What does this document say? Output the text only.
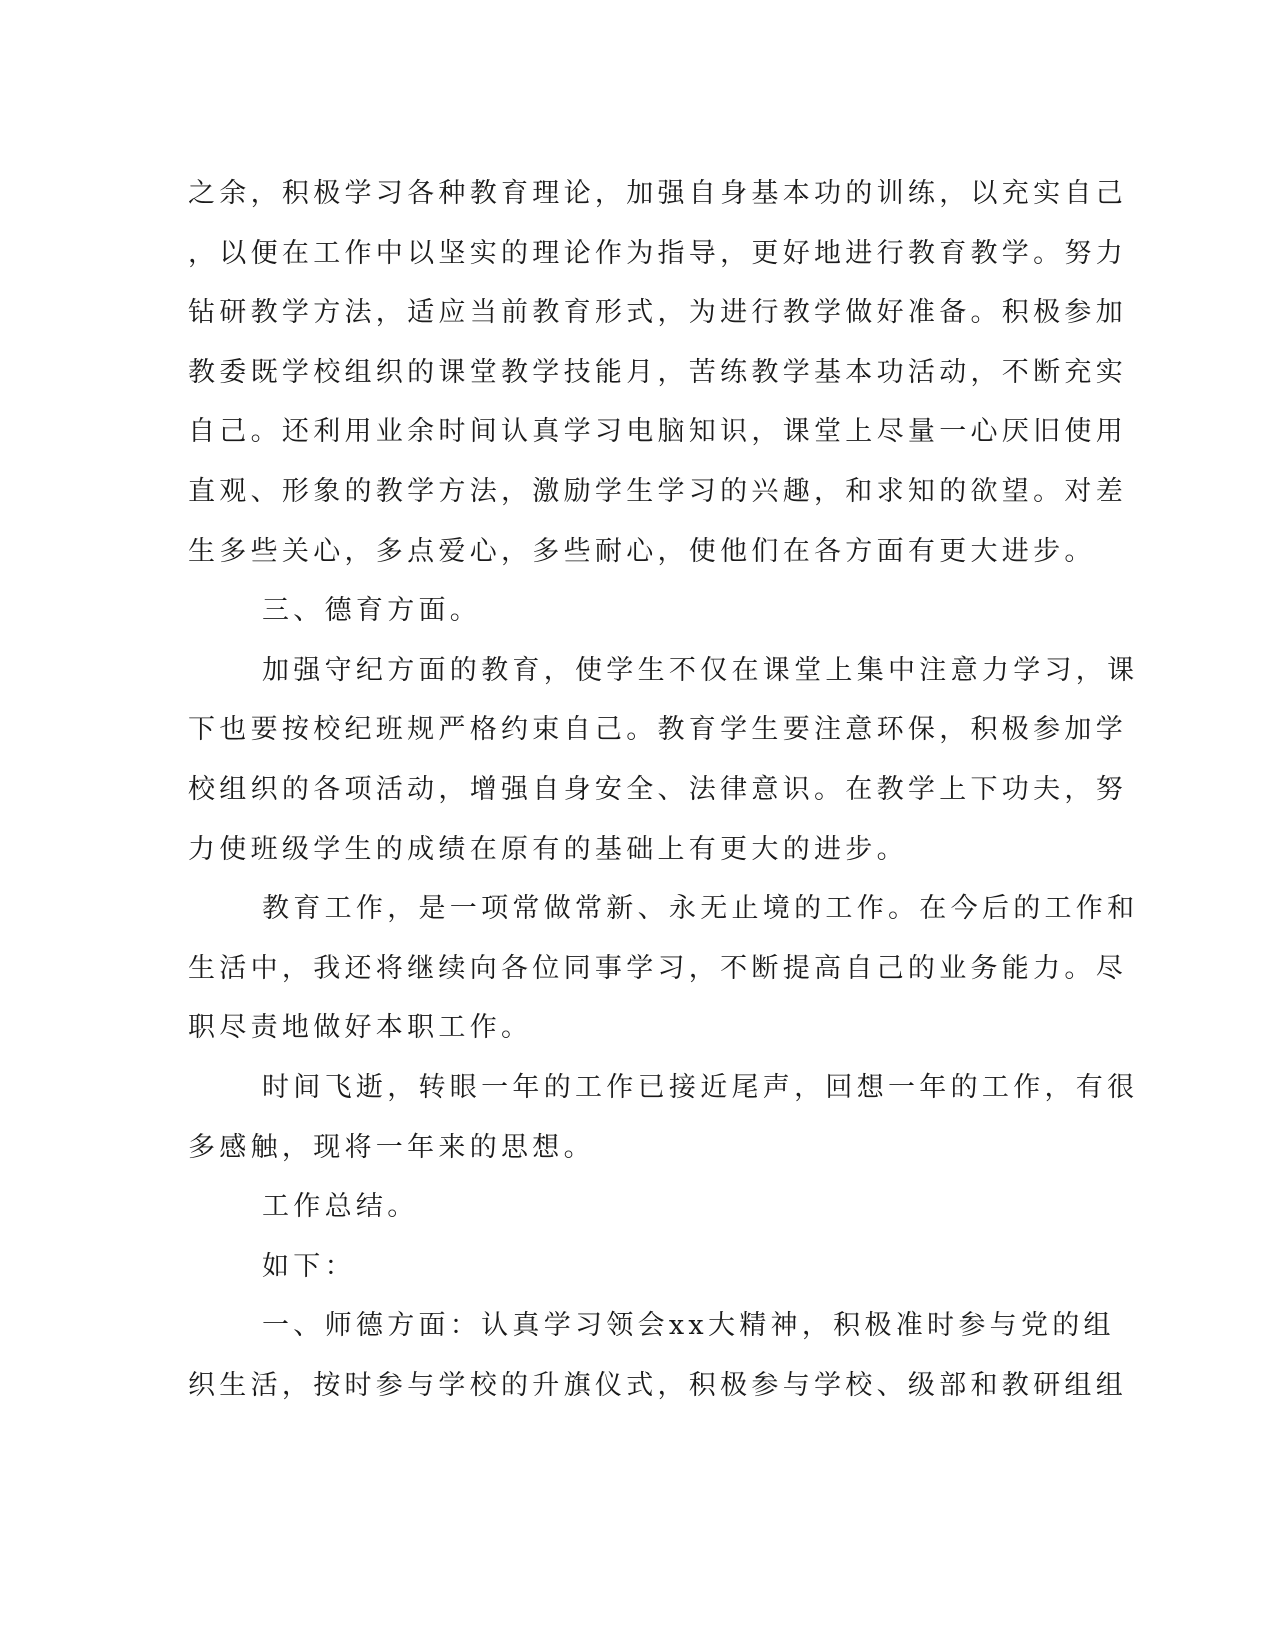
之余，积极学习各种教育理论，加强自身基本功的训练，以充实自己
，以便在工作中以坚实的理论作为指导，更好地进行教育教学。努力
钻研教学方法，适应当前教育形式，为进行教学做好准备。积极参加
教委既学校组织的课堂教学技能月，苦练教学基本功活动，不断充实
自己。还利用业余时间认真学习电脑知识，课堂上尽量一心厌旧使用
直观、形象的教学方法，激励学生学习的兴趣，和求知的欲望。对差
生多些关心，多点爱心，多些耐心，使他们在各方面有更大进步。
三、德育方面。
加强守纪方面的教育，使学生不仅在课堂上集中注意力学习，课
下也要按校纪班规严格约束自己。教育学生要注意环保，积极参加学
校组织的各项活动，增强自身安全、法律意识。在教学上下功夫，努
力使班级学生的成绩在原有的基础上有更大的进步。
教育工作，是一项常做常新、永无止境的工作。在今后的工作和
生活中，我还将继续向各位同事学习，不断提高自己的业务能力。尽
职尽责地做好本职工作。
时间飞逝，转眼一年的工作已接近尾声，回想一年的工作，有很
多感触，现将一年来的思想。
工作总结。
如下：
一、师德方面：认真学习领会xx大精神，积极准时参与党的组
织生活，按时参与学校的升旗仪式，积极参与学校、级部和教研组组
